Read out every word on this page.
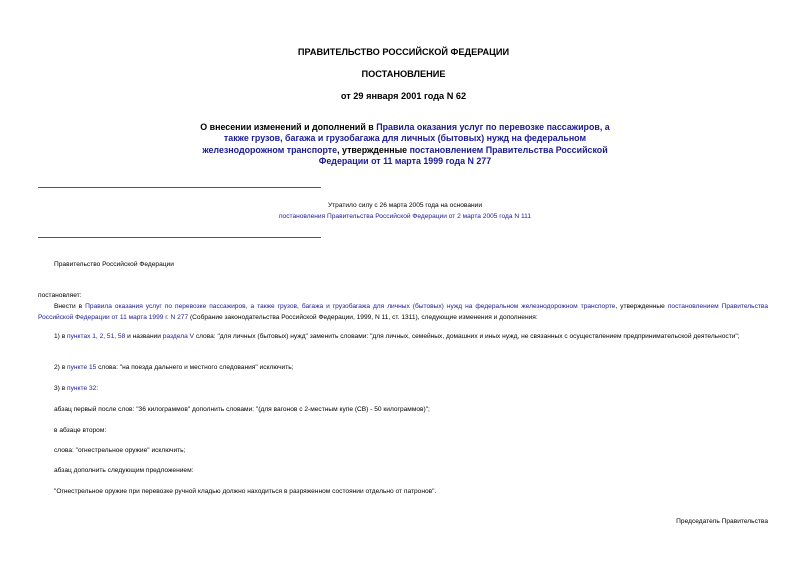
ПРАВИТЕЛЬСТВО РОССИЙСКОЙ ФЕДЕРАЦИИ
ПОСТАНОВЛЕНИЕ
от 29 января 2001 года N 62
О внесении изменений и дополнений в Правила оказания услуг по перевозке пассажиров, а также грузов, багажа и грузобагажа для личных (бытовых) нужд на федеральном железнодорожном транспорте, утвержденные постановлением Правительства Российской Федерации от 11 марта 1999 года N 277
Утратило силу с 26 марта 2005 года на основании
постановления Правительства Российской Федерации от 2 марта 2005 года N 111
Правительство Российской Федерации
постановляет:
Внести в Правила оказания услуг по перевозке пассажиров, а также грузов, багажа и грузобагажа для личных (бытовых) нужд на федеральном железнодорожном транспорте, утвержденные постановлением Правительства Российской Федерации от 11 марта 1999 г. N 277 (Собрание законодательства Российской Федерации, 1999, N 11, ст. 1311), следующие изменения и дополнения:
1) в пунктах 1, 2, 51, 58 и названии раздела V слова: "для личных (бытовых) нужд" заменить словами: "для личных, семейных, домашних и иных нужд, не связанных с осуществлением предпринимательской деятельности";
2) в пункте 15 слова: "на поезда дальнего и местного следования" исключить;
3) в пункте 32:
абзац первый после слов: "36 килограммов" дополнить словами: "(для вагонов с 2-местным купе (СВ) - 50 килограммов)";
в абзаце втором:
слова: "огнестрельное оружие" исключить;
абзац дополнить следующим предложением:
"Огнестрельное оружие при перевозке ручной кладью должно находиться в разряженном состоянии отдельно от патронов".
Председатель Правительства
